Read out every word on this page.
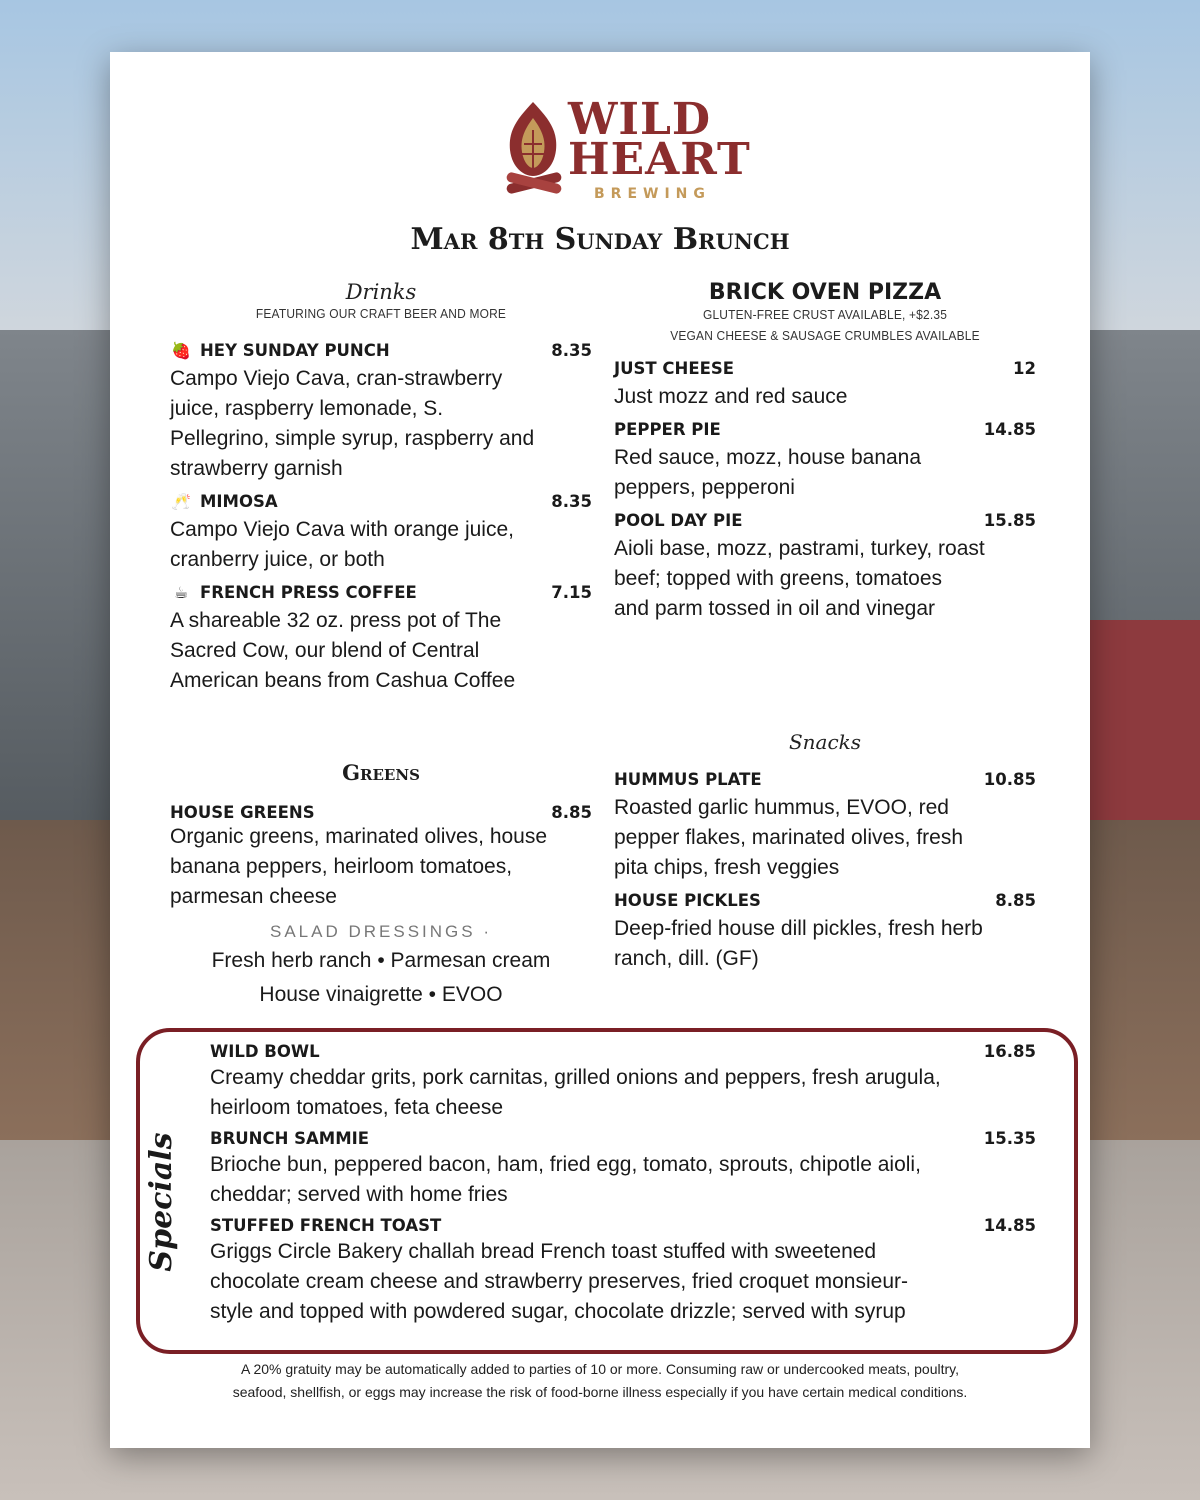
WILD
HEART
BREWING
Mar 8th Sunday Brunch
Drinks
FEATURING OUR CRAFT BEER AND MORE
🍓 HEY SUNDAY PUNCH	8.35
Campo Viejo Cava, cran-strawberry
juice, raspberry lemonade, S.
Pellegrino, simple syrup, raspberry and
strawberry garnish
🥂 MIMOSA	8.35
Campo Viejo Cava with orange juice,
cranberry juice, or both
☕ FRENCH PRESS COFFEE	7.15
A shareable 32 oz. press pot of The
Sacred Cow, our blend of Central
American beans from Cashua Coffee
BRICK OVEN PIZZA
GLUTEN-FREE CRUST AVAILABLE, +$2.35
VEGAN CHEESE & SAUSAGE CRUMBLES AVAILABLE
JUST CHEESE	12
Just mozz and red sauce
PEPPER PIE	14.85
Red sauce, mozz, house banana
peppers, pepperoni
POOL DAY PIE	15.85
Aioli base, mozz, pastrami, turkey, roast
beef; topped with greens, tomatoes
and parm tossed in oil and vinegar
Greens
HOUSE GREENS	8.85
Organic greens, marinated olives, house
banana peppers, heirloom tomatoes,
parmesan cheese
SALAD DRESSINGS ·
Fresh herb ranch • Parmesan cream
House vinaigrette • EVOO
Snacks
HUMMUS PLATE	10.85
Roasted garlic hummus, EVOO, red
pepper flakes, marinated olives, fresh
pita chips, fresh veggies
HOUSE PICKLES	8.85
Deep-fried house dill pickles, fresh herb
ranch, dill. (GF)
Specials
WILD BOWL	16.85
Creamy cheddar grits, pork carnitas, grilled onions and peppers, fresh arugula,
heirloom tomatoes, feta cheese
BRUNCH SAMMIE	15.35
Brioche bun, peppered bacon, ham, fried egg, tomato, sprouts, chipotle aioli,
cheddar; served with home fries
STUFFED FRENCH TOAST	14.85
Griggs Circle Bakery challah bread French toast stuffed with sweetened
chocolate cream cheese and strawberry preserves, fried croquet monsieur-
style and topped with powdered sugar, chocolate drizzle; served with syrup
A 20% gratuity may be automatically added to parties of 10 or more. Consuming raw or undercooked meats, poultry,
seafood, shellfish, or eggs may increase the risk of food-borne illness especially if you have certain medical conditions.
